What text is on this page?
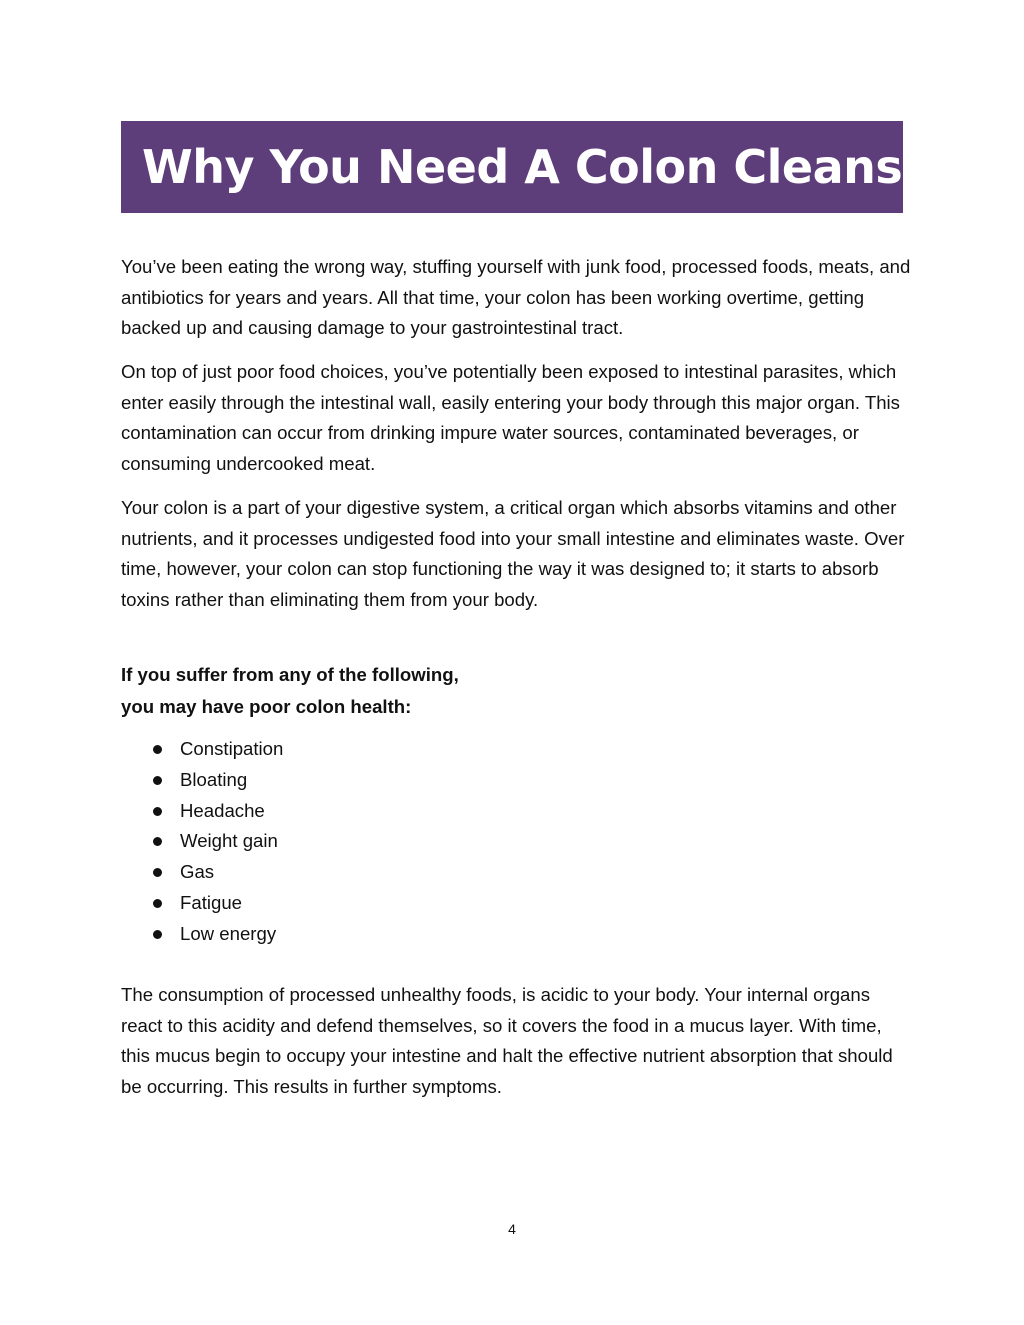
Why You Need A Colon Cleanse

You’ve been eating the wrong way, stuffing yourself with junk food, processed foods, meats, and antibiotics for years and years. All that time, your colon has been working overtime, getting backed up and causing damage to your gastrointestinal tract.

On top of just poor food choices, you’ve potentially been exposed to intestinal parasites, which enter easily through the intestinal wall, easily entering your body through this major organ. This contamination can occur from drinking impure water sources, contaminated beverages, or consuming undercooked meat.

Your colon is a part of your digestive system, a critical organ which absorbs vitamins and other nutrients, and it processes undigested food into your small intestine and eliminates waste. Over time, however, your colon can stop functioning the way it was designed to; it starts to absorb toxins rather than eliminating them from your body.

If you suffer from any of the following,
you may have poor colon health:

Constipation
Bloating
Headache
Weight gain
Gas
Fatigue
Low energy

The consumption of processed unhealthy foods, is acidic to your body. Your internal organs react to this acidity and defend themselves, so it covers the food in a mucus layer. With time, this mucus begin to occupy your intestine and halt the effective nutrient absorption that should be occurring. This results in further symptoms.

4
